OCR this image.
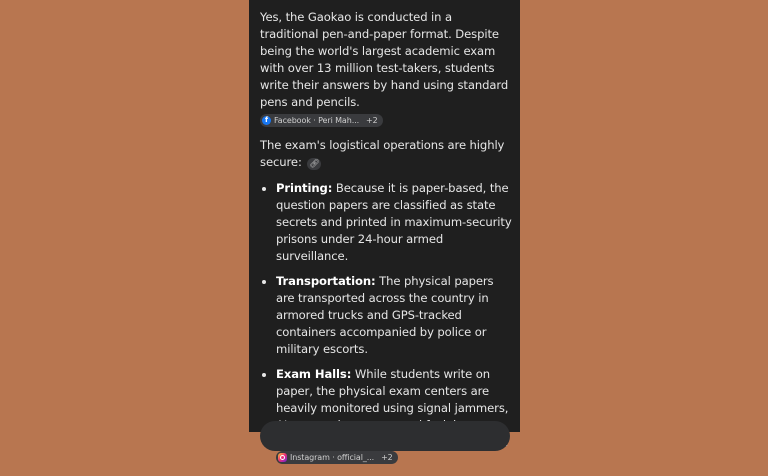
Yes, the Gaokao is conducted in a traditional pen-and-paper format. Despite being the world's largest academic exam with over 13 million test-takers, students write their answers by hand using standard pens and pencils.

f Facebook · Peri Mah... +2

The exam's logistical operations are highly secure: 🔗︎

• Printing: Because it is paper-based, the question papers are classified as state secrets and printed in maximum-security prisons under 24-hour armed surveillance.
• Transportation: The physical papers are transported across the country in armored trucks and GPS-tracked containers accompanied by police or military escorts.
• Exam Halls: While students write on paper, the physical exam centers are heavily monitored using signal jammers,
Instagram · official_... +2
